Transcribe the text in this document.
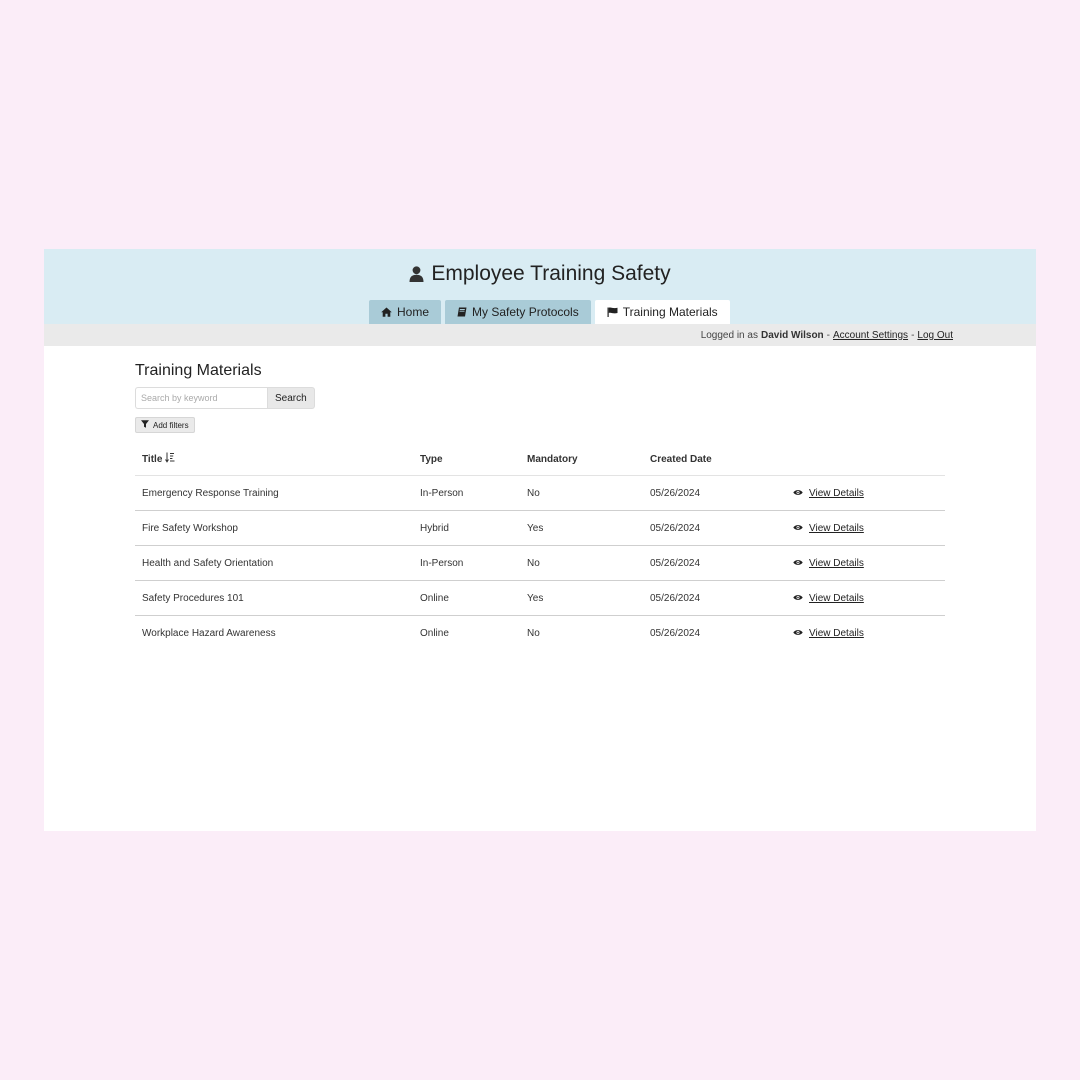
Employee Training Safety
Home	My Safety Protocols	Training Materials
Logged in as David Wilson - Account Settings - Log Out
Training Materials
Search by keyword
Search
Add filters
Title	Type	Mandatory	Created Date	
Emergency Response Training	In-Person	No	05/26/2024	View Details

Fire Safety Workshop	Hybrid	Yes	05/26/2024	View Details

Health and Safety Orientation	In-Person	No	05/26/2024	View Details

Safety Procedures 101	Online	Yes	05/26/2024	View Details

Workplace Hazard Awareness	Online	No	05/26/2024	View Details
